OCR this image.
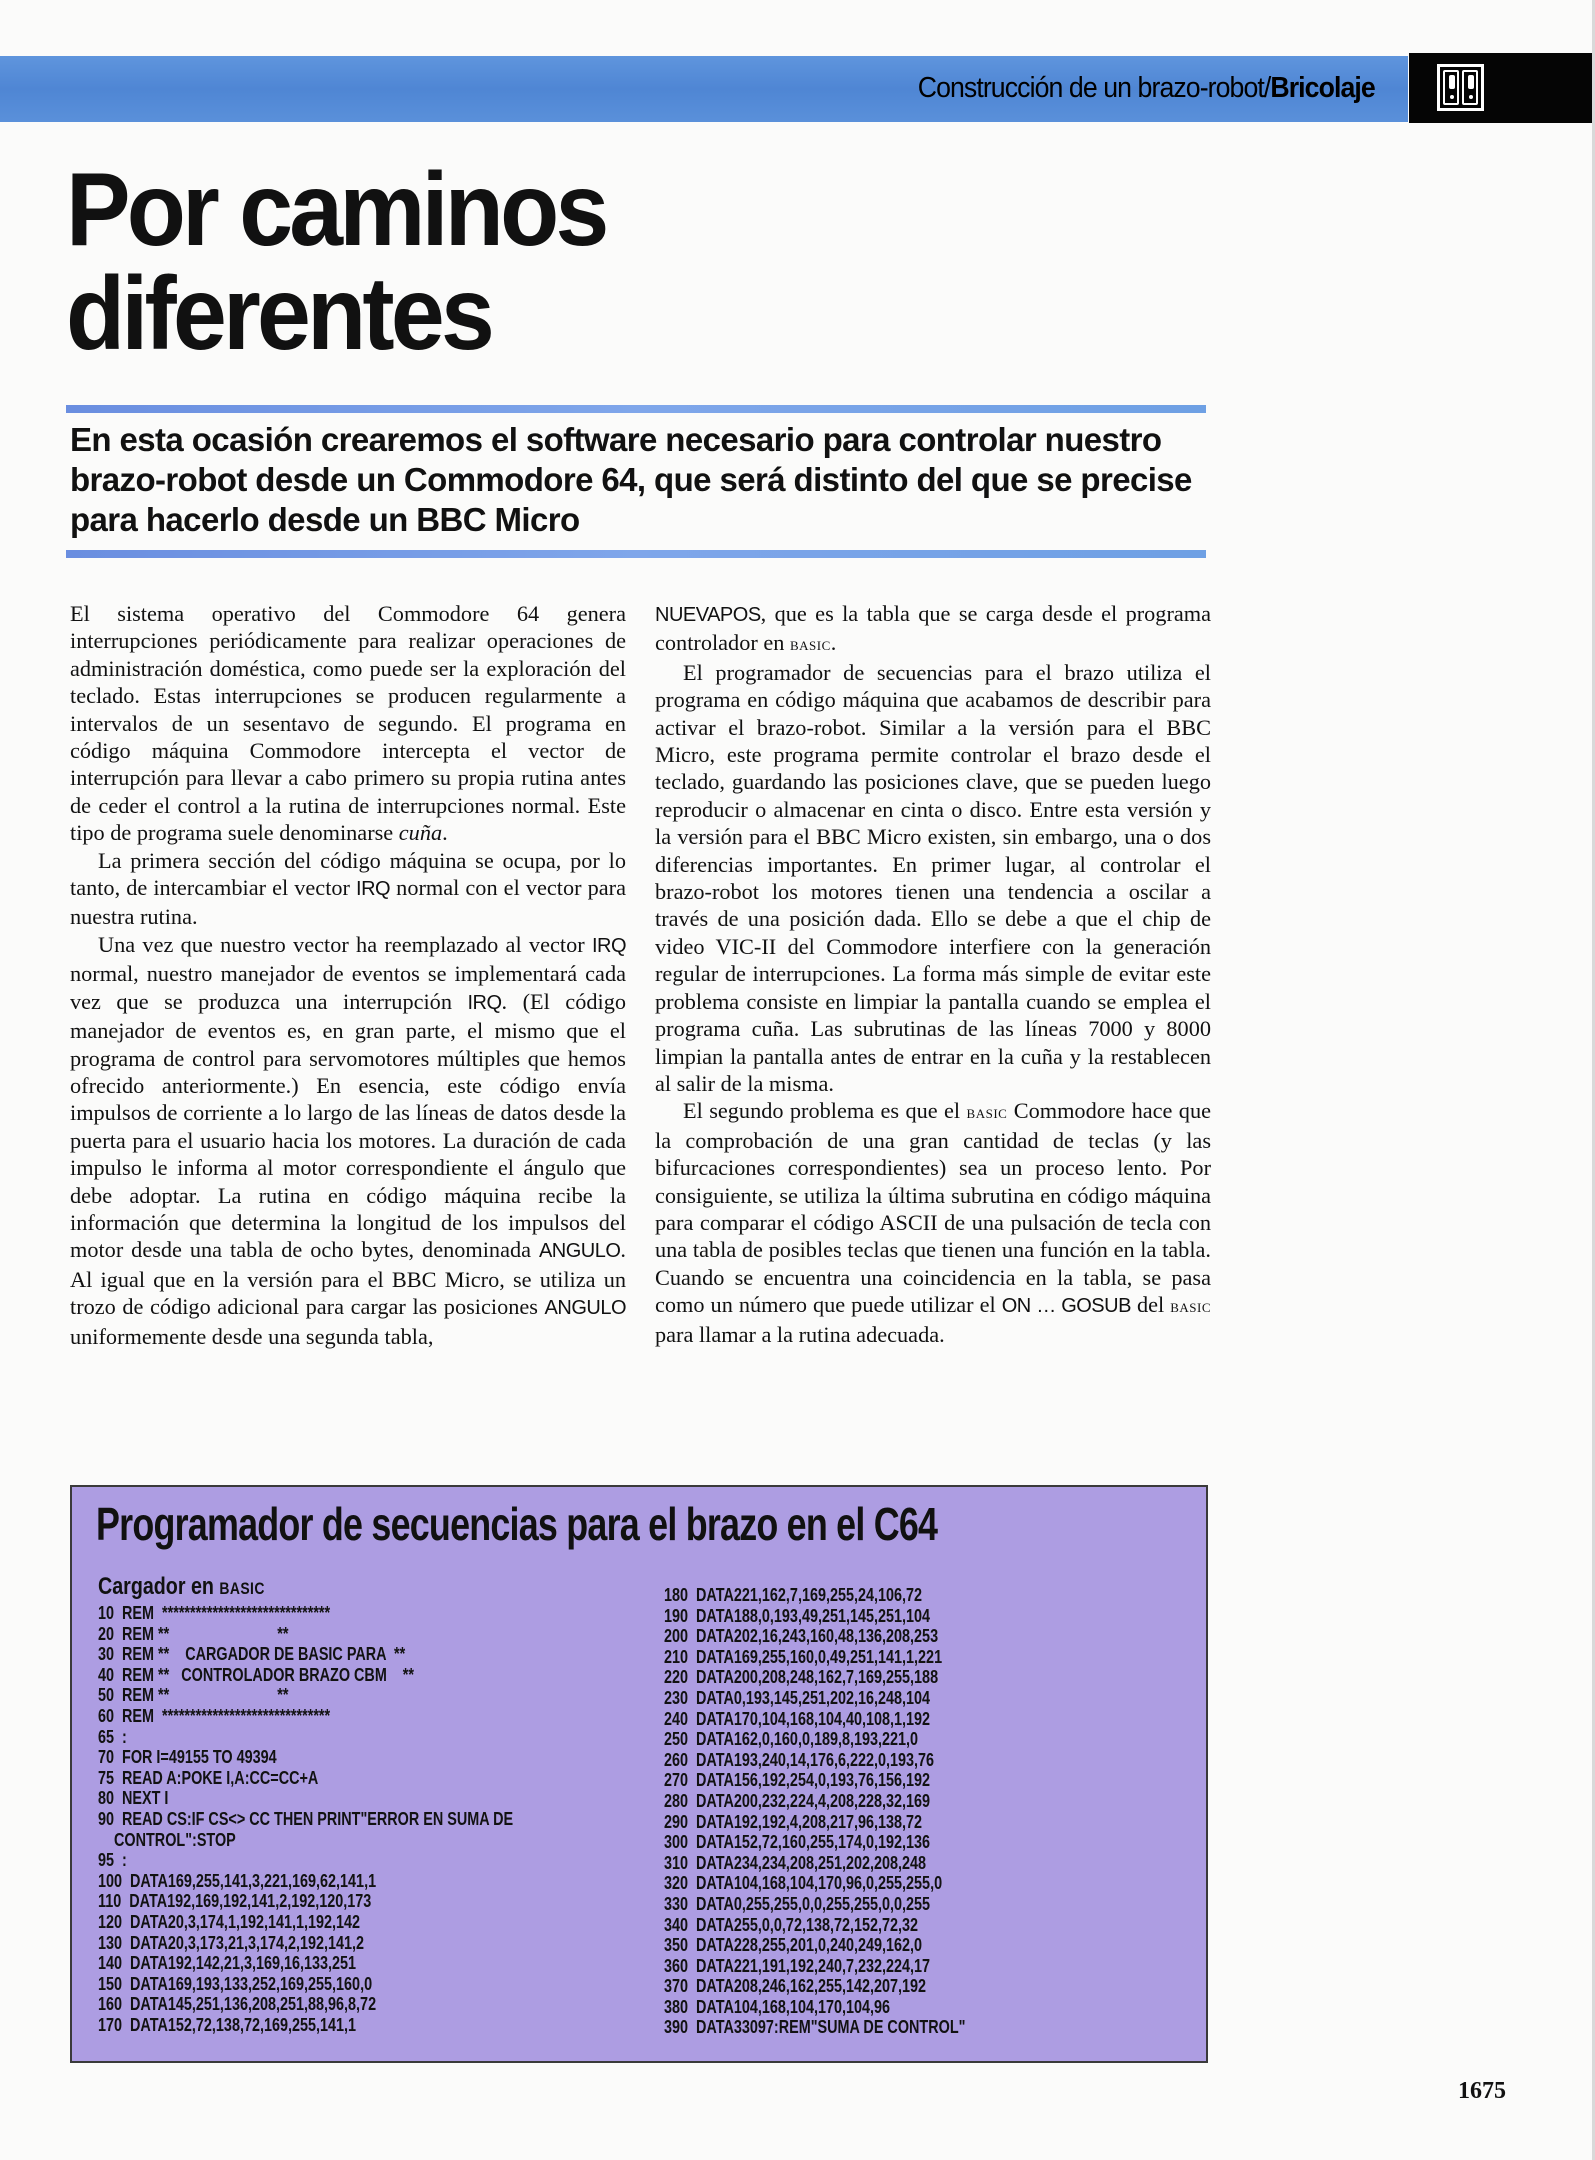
Construcción de un brazo-robot/Bricolaje
Por caminos
diferentes
En esta ocasión crearemos el software necesario para controlar nuestro brazo-robot desde un Commodore 64, que será distinto del que se precise para hacerlo desde un BBC Micro

El sistema operativo del Commodore 64 genera interrupciones periódicamente para realizar operaciones de administración doméstica, como puede ser la exploración del teclado. Estas interrupciones se producen regularmente a intervalos de un sesentavo de segundo. El programa en código máquina Commodore intercepta el vector de interrupción para llevar a cabo primero su propia rutina antes de ceder el control a la rutina de interrupciones normal. Este tipo de programa suele denominarse cuña.

La primera sección del código máquina se ocupa, por lo tanto, de intercambiar el vector IRQ normal con el vector para nuestra rutina.

Una vez que nuestro vector ha reemplazado al vector IRQ normal, nuestro manejador de eventos se implementará cada vez que se produzca una interrupción IRQ. (El código manejador de eventos es, en gran parte, el mismo que el programa de control para servomotores múltiples que hemos ofrecido anteriormente.) En esencia, este código envía impulsos de corriente a lo largo de las líneas de datos desde la puerta para el usuario hacia los motores. La duración de cada impulso le informa al motor correspondiente el ángulo que debe adoptar. La rutina en código máquina recibe la información que determina la longitud de los impulsos del motor desde una tabla de ocho bytes, denominada ANGULO. Al igual que en la versión para el BBC Micro, se utiliza un trozo de código adicional para cargar las posiciones ANGULO uniformemente desde una segunda tabla,

NUEVAPOS, que es la tabla que se carga desde el programa controlador en basic.

El programador de secuencias para el brazo utiliza el programa en código máquina que acabamos de describir para activar el brazo-robot. Similar a la versión para el BBC Micro, este programa permite controlar el brazo desde el teclado, guardando las posiciones clave, que se pueden luego reproducir o almacenar en cinta o disco. Entre esta versión y la versión para el BBC Micro existen, sin embargo, una o dos diferencias importantes. En primer lugar, al controlar el brazo-robot los motores tienen una tendencia a oscilar a través de una posición dada. Ello se debe a que el chip de video VIC-II del Commodore interfiere con la generación regular de interrupciones. La forma más simple de evitar este problema consiste en limpiar la pantalla cuando se emplea el programa cuña. Las subrutinas de las líneas 7000 y 8000 limpian la pantalla antes de entrar en la cuña y la restablecen al salir de la misma.

El segundo problema es que el basic Commodore hace que la comprobación de una gran cantidad de teclas (y las bifurcaciones correspondientes) sea un proceso lento. Por consiguiente, se utiliza la última subrutina en código máquina para comparar el código ASCII de una pulsación de tecla con una tabla de posibles teclas que tienen una función en la tabla. Cuando se encuentra una coincidencia en la tabla, se pasa como un número que puede utilizar el ON … GOSUB del basic para llamar a la rutina adecuada.

Programador de secuencias para el brazo en el C64
Cargador en BASIC
10  REM  ******************************
20  REM **                           **
30  REM **    CARGADOR DE BASIC PARA  **
40  REM **   CONTROLADOR BRAZO CBM    **
50  REM **                           **
60  REM  ******************************
65  :
70  FOR I=49155 TO 49394
75  READ A:POKE I,A:CC=CC+A
80  NEXT I
90  READ CS:IF CS<> CC THEN PRINT"ERROR EN SUMA DE
CONTROL":STOP
95  :
100  DATA169,255,141,3,221,169,62,141,1
110  DATA192,169,192,141,2,192,120,173
120  DATA20,3,174,1,192,141,1,192,142
130  DATA20,3,173,21,3,174,2,192,141,2
140  DATA192,142,21,3,169,16,133,251
150  DATA169,193,133,252,169,255,160,0
160  DATA145,251,136,208,251,88,96,8,72
170  DATA152,72,138,72,169,255,141,1
180  DATA221,162,7,169,255,24,106,72
190  DATA188,0,193,49,251,145,251,104
200  DATA202,16,243,160,48,136,208,253
210  DATA169,255,160,0,49,251,141,1,221
220  DATA200,208,248,162,7,169,255,188
230  DATA0,193,145,251,202,16,248,104
240  DATA170,104,168,104,40,108,1,192
250  DATA162,0,160,0,189,8,193,221,0
260  DATA193,240,14,176,6,222,0,193,76
270  DATA156,192,254,0,193,76,156,192
280  DATA200,232,224,4,208,228,32,169
290  DATA192,192,4,208,217,96,138,72
300  DATA152,72,160,255,174,0,192,136
310  DATA234,234,208,251,202,208,248
320  DATA104,168,104,170,96,0,255,255,0
330  DATA0,255,255,0,0,255,255,0,0,255
340  DATA255,0,0,72,138,72,152,72,32
350  DATA228,255,201,0,240,249,162,0
360  DATA221,191,192,240,7,232,224,17
370  DATA208,246,162,255,142,207,192
380  DATA104,168,104,170,104,96
390  DATA33097:REM"SUMA DE CONTROL"
1675
